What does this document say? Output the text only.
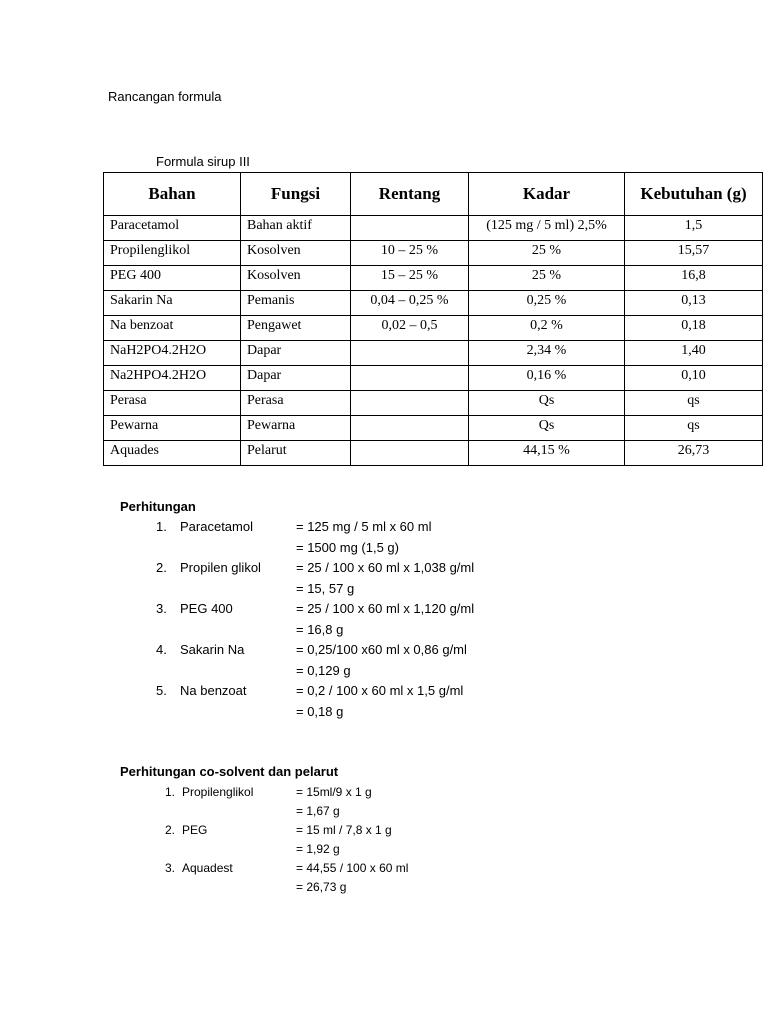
Rancangan formula
Formula sirup III
Bahan	Fungsi	Rentang	Kadar	Kebutuhan (g)
Paracetamol	Bahan aktif		(125 mg / 5 ml) 2,5%	1,5
Propilenglikol	Kosolven	10 – 25 %	25 %	15,57
PEG 400	Kosolven	15 – 25 %	25 %	16,8
Sakarin Na	Pemanis	0,04 – 0,25 %	0,25 %	0,13
Na benzoat	Pengawet	0,02 – 0,5	0,2 %	0,18
NaH2PO4.2H2O	Dapar		2,34 %	1,40
Na2HPO4.2H2O	Dapar		0,16 %	0,10
Perasa	Perasa		Qs	qs
Pewarna	Pewarna		Qs	qs
Aquades	Pelarut		44,15 %	26,73
Perhitungan
1. Paracetamol	= 125 mg / 5 ml x 60 ml
= 1500 mg (1,5 g)
2. Propilen glikol	= 25 / 100 x 60 ml x 1,038 g/ml
= 15, 57 g
3. PEG 400	= 25 / 100 x 60 ml x 1,120 g/ml
= 16,8 g
4. Sakarin Na	= 0,25/100 x60 ml x 0,86 g/ml
= 0,129 g
5. Na benzoat	= 0,2 / 100 x 60 ml x 1,5 g/ml
= 0,18 g
Perhitungan co-solvent dan pelarut
1. Propilenglikol	= 15ml/9 x 1 g
= 1,67 g
2. PEG	= 15 ml / 7,8 x 1 g
= 1,92 g
3. Aquadest	= 44,55 / 100 x 60 ml
= 26,73 g
